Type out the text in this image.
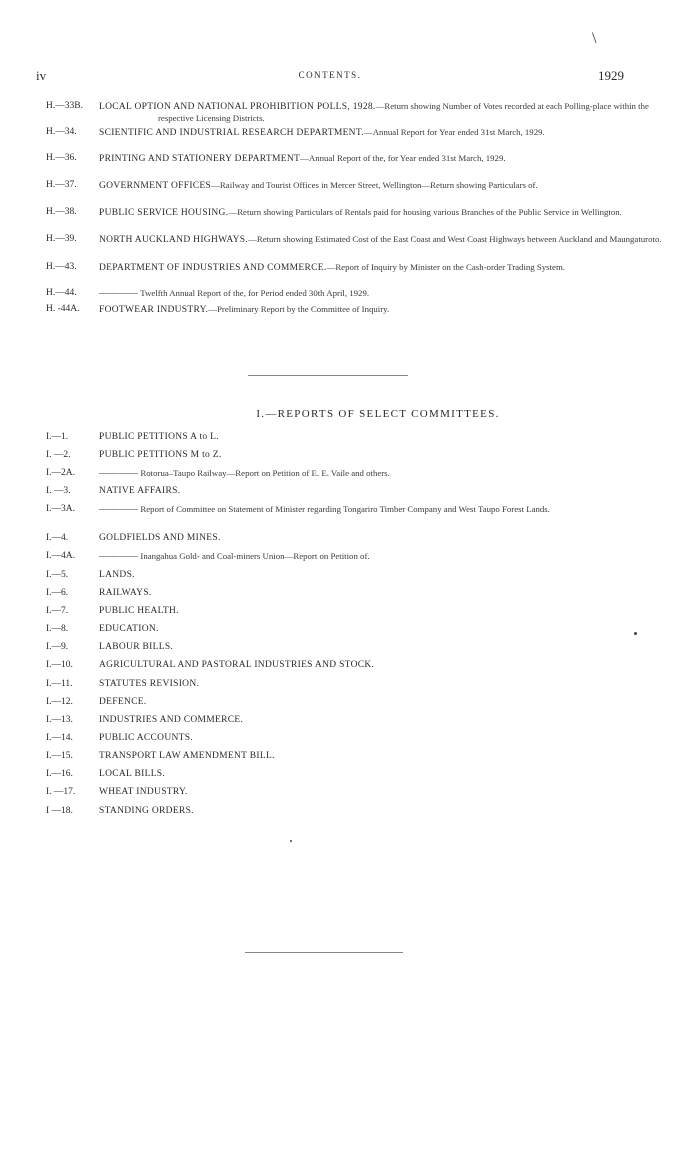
\
iv	CONTENTS.	1929
H.—33B. LOCAL OPTION AND NATIONAL PROHIBITION POLLS, 1928.—Return showing Number of Votes recorded at each Polling-place within the respective Licensing Districts.
H.—34. SCIENTIFIC AND INDUSTRIAL RESEARCH DEPARTMENT.—Annual Report for Year ended 31st March, 1929.
H.—36. PRINTING AND STATIONERY DEPARTMENT—Annual Report of the, for Year ended 31st March, 1929.
H.—37. GOVERNMENT OFFICES—Railway and Tourist Offices in Mercer Street, Wellington—Return showing Particulars of.
H.—38. PUBLIC SERVICE HOUSING.—Return showing Particulars of Rentals paid for housing various Branches of the Public Service in Wellington.
H.—39. NORTH AUCKLAND HIGHWAYS.—Return showing Estimated Cost of the East Coast and West Coast Highways between Auckland and Maungaturoto.
H.—43. DEPARTMENT OF INDUSTRIES AND COMMERCE.—Report of Inquiry by Minister on the Cash-order Trading System.
H.—44. ———— Twelfth Annual Report of the, for Period ended 30th April, 1929.
H. -44A. FOOTWEAR INDUSTRY.—Preliminary Report by the Committee of Inquiry.
I.—REPORTS OF SELECT COMMITTEES.
I.—1.	PUBLIC PETITIONS A to L.
I. —2.	PUBLIC PETITIONS M to Z.
I.—2A.	———— Rotorua–Taupo Railway—Report on Petition of E. E. Vaile and others.
I. —3.	NATIVE AFFAIRS.
I.—3A.	———— Report of Committee on Statement of Minister regarding Tongariro Timber Company and West Taupo Forest Lands.
I.—4.	GOLDFIELDS AND MINES.
I.—4A.	———— Inangahua Gold- and Coal-miners Union—Report on Petition of.
I.—5.	LANDS.
I.—6.	RAILWAYS.
I.—7.	PUBLIC HEALTH.
I.—8.	EDUCATION.
I.—9.	LABOUR BILLS.
I.—10.	AGRICULTURAL AND PASTORAL INDUSTRIES AND STOCK.
I.—11.	STATUTES REVISION.
I.—12.	DEFENCE.
I.—13.	INDUSTRIES AND COMMERCE.
I.—14.	PUBLIC ACCOUNTS.
I.—15.	TRANSPORT LAW AMENDMENT BILL.
I.—16.	LOCAL BILLS.
I. —17. WHEAT INDUSTRY.
I —18.	STANDING ORDERS.
